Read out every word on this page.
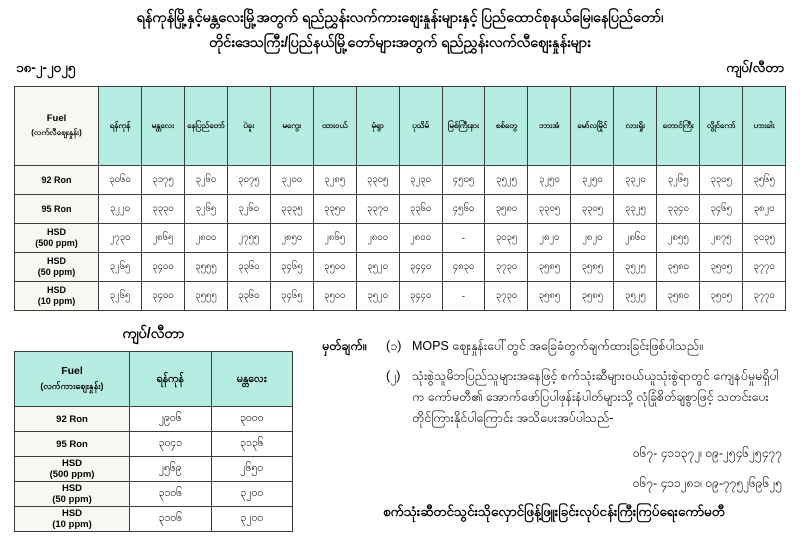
ရန်ကုန်မြို့နှင့်မန္တလေးမြို့အတွက် ရည်ညွှန်းလက်ကားဈေးနှုန်းများနှင့် ပြည်ထောင်စုနယ်မြေ၊နေပြည်တော်၊
တိုင်းဒေသကြီး/ပြည်နယ်မြို့တော်များအတွက် ရည်ညွှန်းလက်လီဈေးနှုန်းများ
၁၈-၂-၂၀၂၅	ကျပ်/လီတာ
Fuel
(လက်လီဈေးနှုန်း)	ရန်ကုန်	မန္တလေး	နေပြည်တော်	ပဲခူး	မကွေး	ထားဝယ်	မုံရွာ	ပုသိမ်	မြစ်ကြီးနား	စစ်တွေ	ဘားအံ	မော်လမြိုင်	လားရှိုး	တောင်ကြီး	လွိုင်ကော်	ဟားခါး

92 Ron	၃၀၆၀	၃၁၇၅	၃၂၆၀	၃၀၇၅	၃၂၀၀	၃၂၈၅	၃၃၀၅	၃၂၃၀	၄၅၀၅	၃၅၂၅	၃၂၅၀	၃၂၅၀	၃၃၂၀	၃၂၆၅	၃၃၀၅	၃၅၆၅

95 Ron	၃၂၂၀	၃၃၃၀	၃၂၆၅	၃၂၆၀	၃၃၃၅	၃၃၅၀	၃၃၇၀	၃၃၆၀	၄၅၆၀	၃၅၈၀	၃၃၀၅	၃၃၀၅	၃၃၂၅	၃၃၄၀	၃၄၆၅	၃၈၂၀

HSD
(500 ppm)	၂၇၃၀	၂၈၆၅	၂၈၀၀	၂၇၅၅	၂၈၅၀	၂၈၆၅	၂၈၀၀	၂၈၀၀	-	၃၀၃၅	၂၈၂၀	၂၈၂၀	၂၈၆၀	၂၈၅၅	၂၈၇၅	၃၀၃၅

HSD
(50 ppm)	၃၂၆၅	၃၄၀၀	၃၅၅၅	၃၃၆၀	၃၄၆၅	၃၅၀၀	၃၅၂၀	၃၄၄၀	၄၈၃၀	၃၇၃၀	၃၅၈၅	၃၅၈၅	၃၅၂၅	၃၅၈၀	၃၅၀၅	၃၇၇၀

HSD
(10 ppm)	၃၂၆၅	၃၄၀၀	၃၅၅၅	၃၃၆၀	၃၄၆၅	၃၅၀၀	၃၅၂၀	၃၄၄၀	-	၃၇၃၀	၃၅၈၅	၃၅၈၅	၃၅၂၅	၃၅၈၀	၃၅၀၅	၃၇၇၀
ကျပ်/လီတာ
Fuel
(လက်ကားဈေးနှုန်း)	ရန်ကုန်	မန္တလေး

92 Ron	၂၉၀၆	၃၀၀၀

95 Ron	၃၀၄၁	၃၁၃၆

HSD
(500 ppm)	၂၅၆၉	၂၆၅၀

HSD
(50 ppm)	၃၁၀၆	၃၂၀၀

HSD
(10 ppm)	၃၁၀၆	၃၂၀၀
မှတ်ချက်။	(၁) MOPS ဈေးနှုန်းပေါ်တွင် အခြေခံတွက်ချက်ထားခြင်းဖြစ်ပါသည်။
(၂) သုံးစွဲသူမိဘပြည်သူများအနေဖြင့် စက်သုံးဆီများဝယ်ယူသုံးစွဲရာတွင် ကျေနပ်မှုမရှိပါက ကော်မတီ၏ အောက်ဖော်ပြပါဖုန်းနံပါတ်များသို့ လုံခြုံစိတ်ချစွာဖြင့် သတင်းပေး တိုင်ကြားနိုင်ပါကြောင်း အသိပေးအပ်ပါသည်-
၀၆၇- ၄၁၁၃၇၂၊ ၀၉-၂၅၄၆၂၅၄၇၇
၀၆၇- ၄၁၁၂၈၁၊ ၀၉-၇၇၅၂၆၉၆၂၅
စက်သုံးဆီတင်သွင်းသိုလှောင်ဖြန့်ဖြူးခြင်းလုပ်ငန်းကြီးကြပ်ရေးကော်မတီ
